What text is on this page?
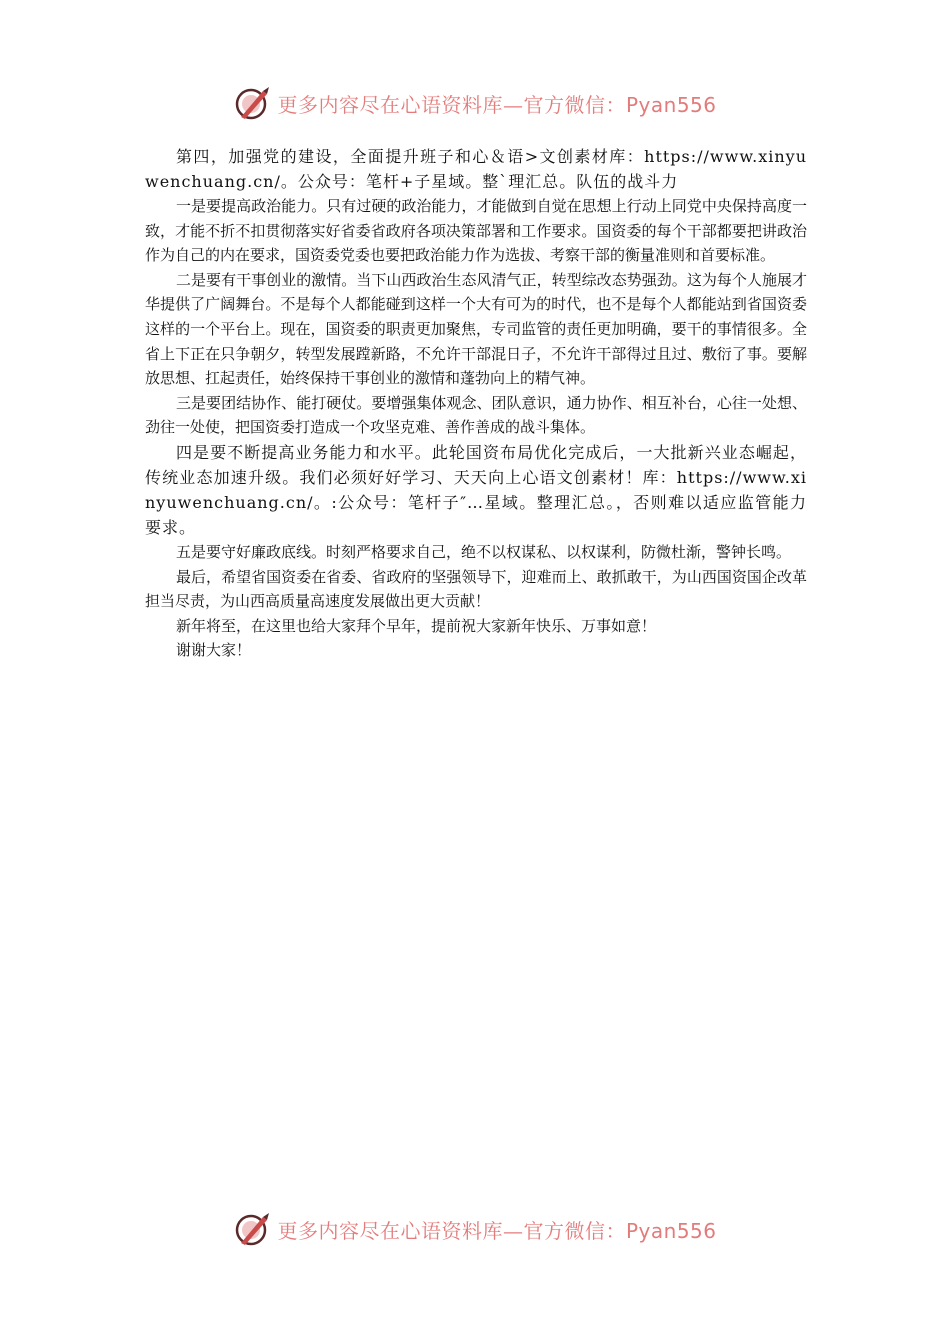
更多内容尽在心语资料库—官方微信：Pyan556

第四，加强党的建设，全面提升班子和心＆语>文创素材库：https://www.xinyuwenchuang.cn/。公众号：笔杆+子星域。整`理汇总。队伍的战斗力

一是要提高政治能力。只有过硬的政治能力，才能做到自觉在思想上行动上同党中央保持高度一致，才能不折不扣贯彻落实好省委省政府各项决策部署和工作要求。国资委的每个干部都要把讲政治作为自己的内在要求，国资委党委也要把政治能力作为选拔、考察干部的衡量准则和首要标准。

二是要有干事创业的激情。当下山西政治生态风清气正，转型综改态势强劲。这为每个人施展才华提供了广阔舞台。不是每个人都能碰到这样一个大有可为的时代，也不是每个人都能站到省国资委这样的一个平台上。现在，国资委的职责更加聚焦，专司监管的责任更加明确，要干的事情很多。全省上下正在只争朝夕，转型发展蹚新路，不允许干部混日子，不允许干部得过且过、敷衍了事。要解放思想、扛起责任，始终保持干事创业的激情和蓬勃向上的精气神。

三是要团结协作、能打硬仗。要增强集体观念、团队意识，通力协作、相互补台，心往一处想、劲往一处使，把国资委打造成一个攻坚克难、善作善成的战斗集体。

四是要不断提高业务能力和水平。此轮国资布局优化完成后，一大批新兴业态崛起，传统业态加速升级。我们必须好好学习、天天向上心语文创素材！库：https://www.xinyuwenchuang.cn/。:公众号：笔杆子″…星域。整理汇总。，否则难以适应监管能力要求。

五是要守好廉政底线。时刻严格要求自己，绝不以权谋私、以权谋利，防微杜渐，警钟长鸣。

最后，希望省国资委在省委、省政府的坚强领导下，迎难而上、敢抓敢干，为山西国资国企改革担当尽责，为山西高质量高速度发展做出更大贡献！

新年将至，在这里也给大家拜个早年，提前祝大家新年快乐、万事如意！

谢谢大家！

更多内容尽在心语资料库—官方微信：Pyan556
